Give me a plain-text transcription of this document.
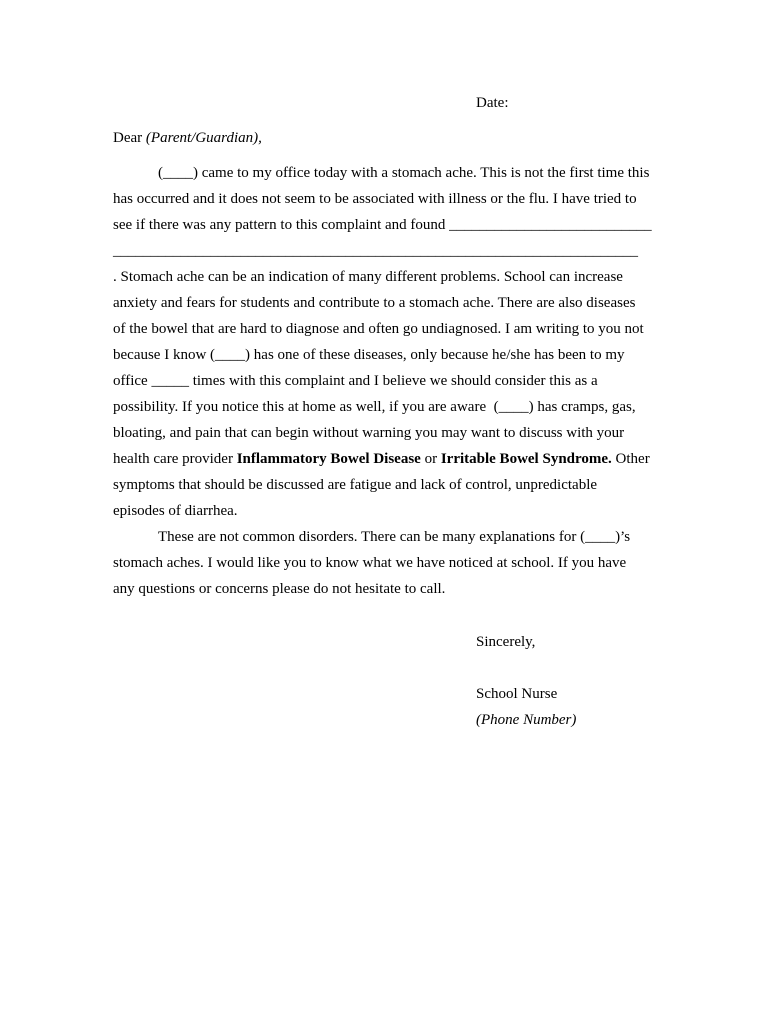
Date:
Dear (Parent/Guardian),
(____) came to my office today with a stomach ache. This is not the first time this
has occurred and it does not seem to be associated with illness or the flu. I have tried to
see if there was any pattern to this complaint and found ___________________________
______________________________________________________________________
. Stomach ache can be an indication of many different problems. School can increase
anxiety and fears for students and contribute to a stomach ache. There are also diseases
of the bowel that are hard to diagnose and often go undiagnosed. I am writing to you not
because I know (____) has one of these diseases, only because he/she has been to my
office _____ times with this complaint and I believe we should consider this as a
possibility. If you notice this at home as well, if you are aware  (____) has cramps, gas,
bloating, and pain that can begin without warning you may want to discuss with your
health care provider Inflammatory Bowel Disease or Irritable Bowel Syndrome. Other
symptoms that should be discussed are fatigue and lack of control, unpredictable
episodes of diarrhea.
These are not common disorders. There can be many explanations for (____)’s
stomach aches. I would like you to know what we have noticed at school. If you have
any questions or concerns please do not hesitate to call.
Sincerely,
School Nurse
(Phone Number)
